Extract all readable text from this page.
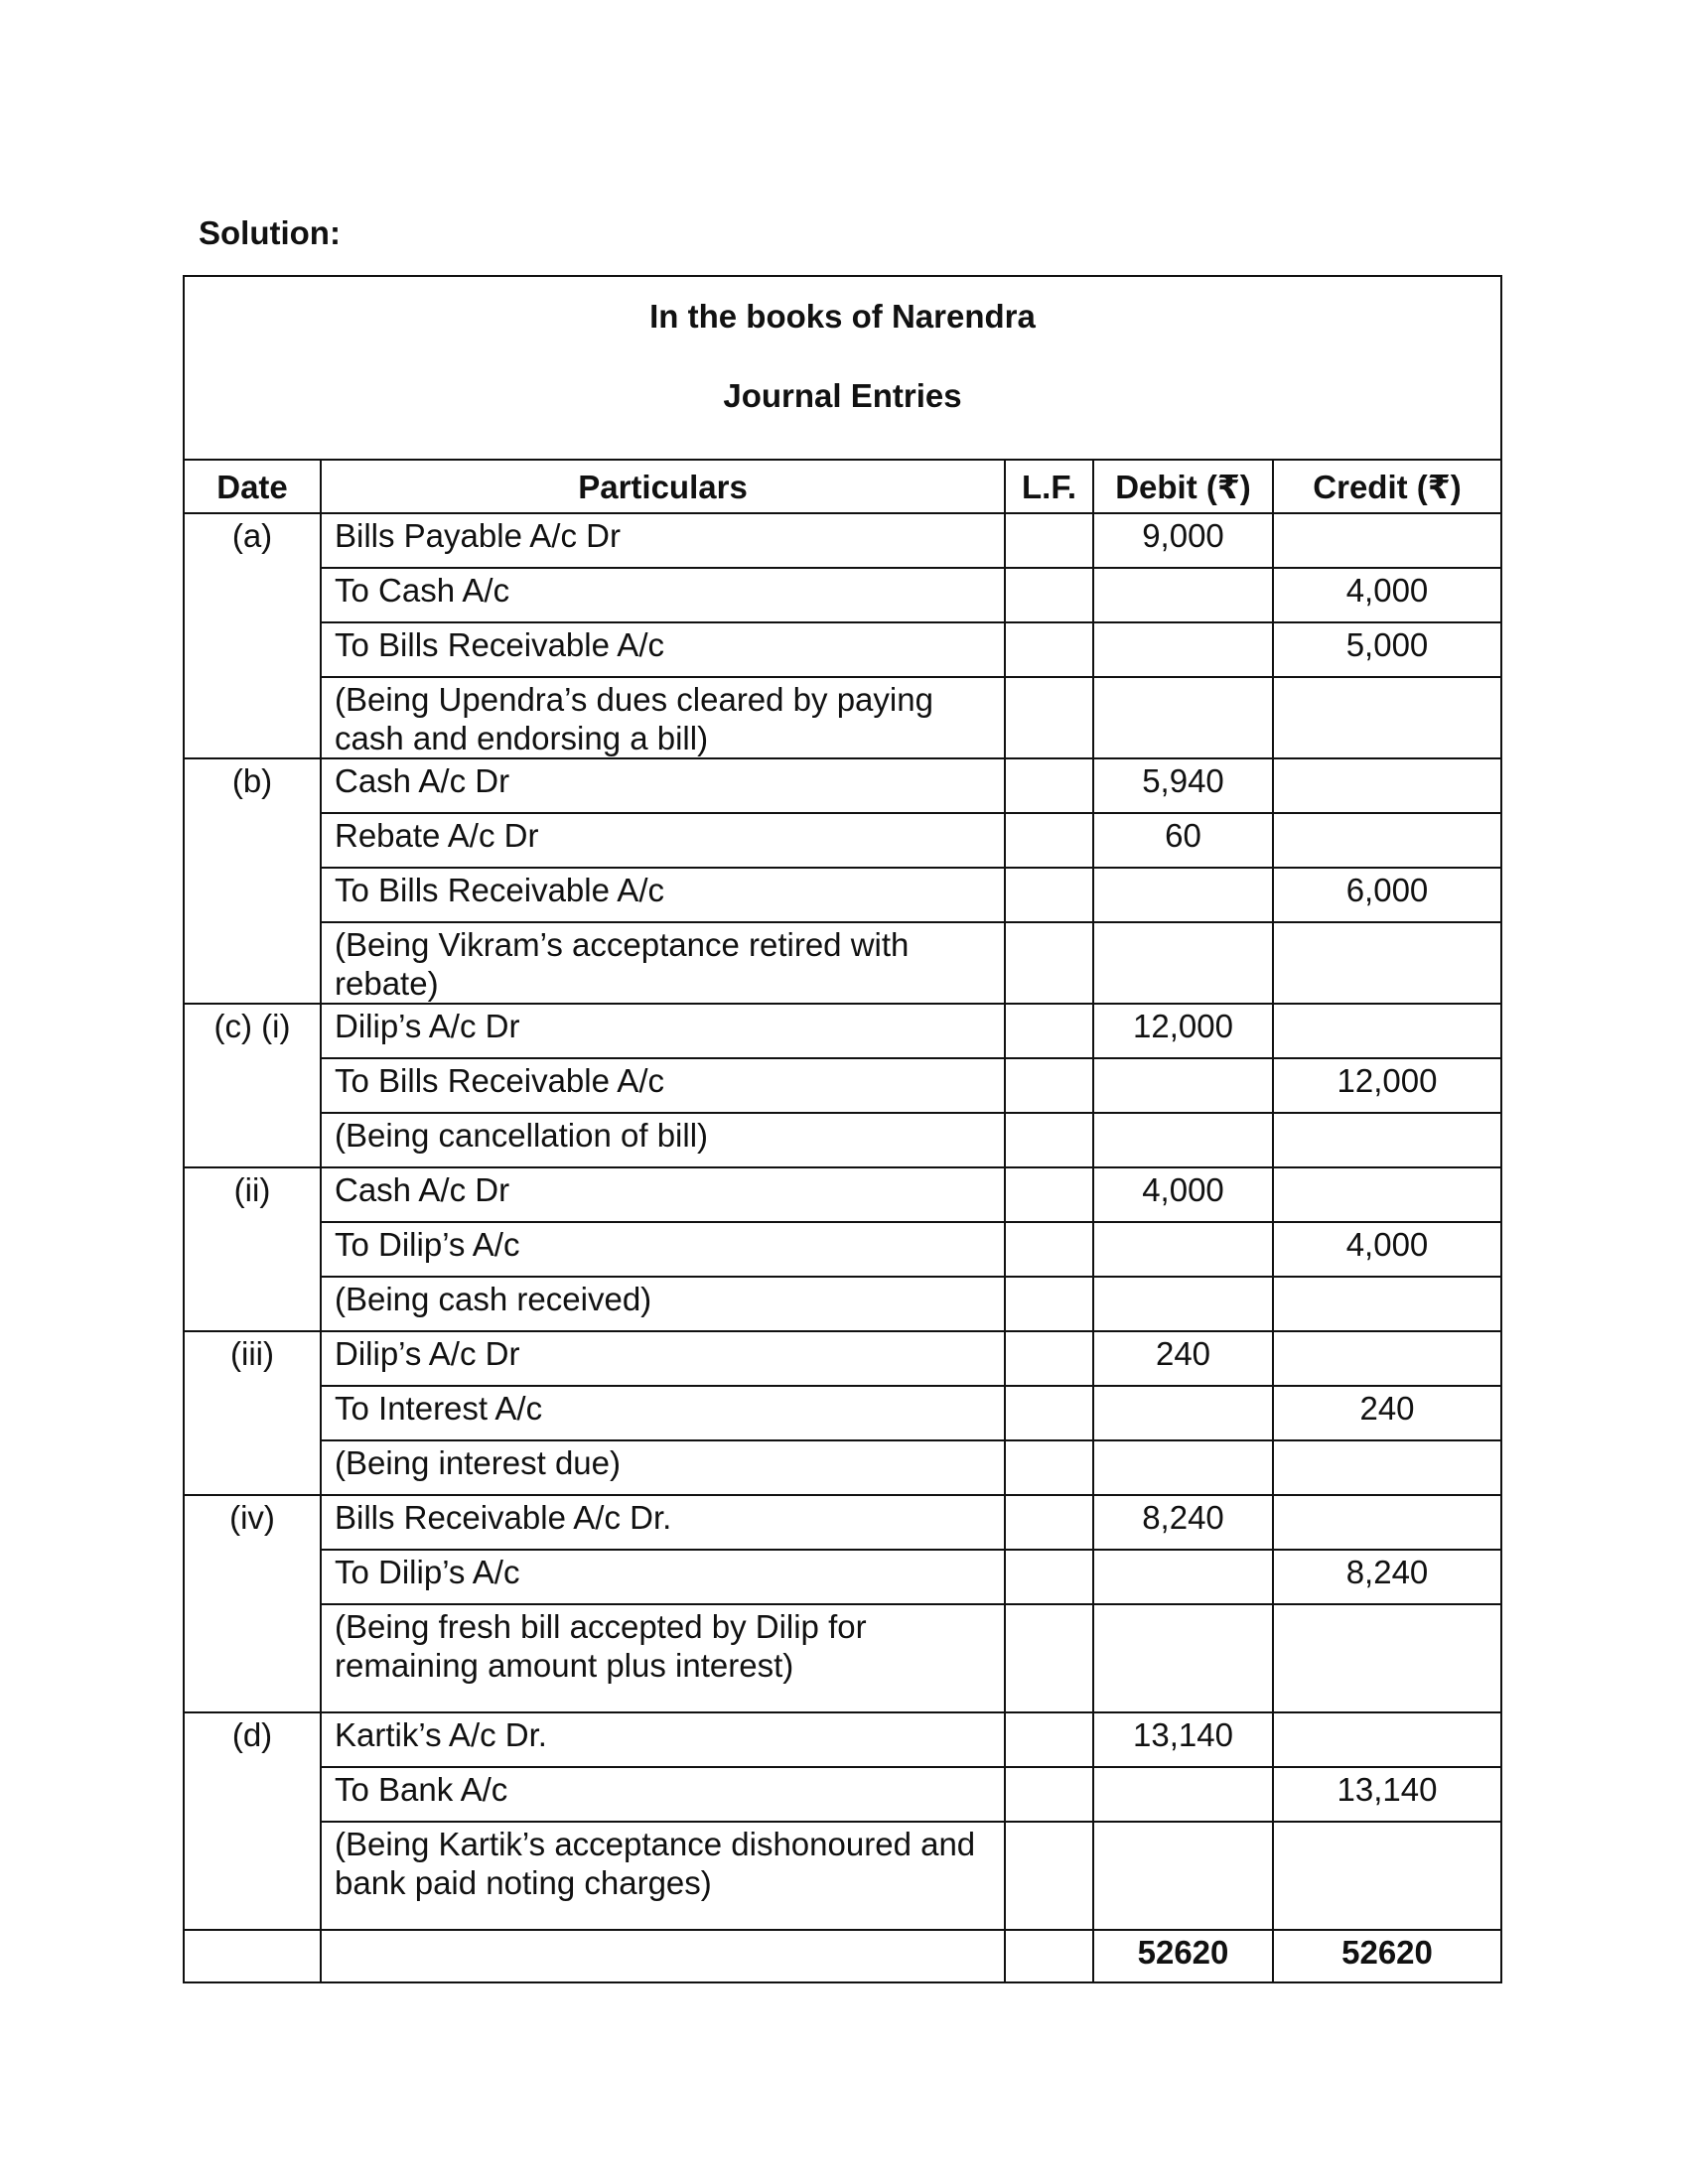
Solution:
In the books of Narendra
Journal Entries				

Date	Particulars	L.F.	Debit (₹)	Credit (₹)
(a)	Bills Payable A/c Dr		9,000	
	To Cash A/c			4,000
	To Bills Receivable A/c			5,000
	(Being Upendra’s dues cleared by paying cash and endorsing a bill)			
(b)	Cash A/c Dr		5,940	
	Rebate A/c Dr		60	
	To Bills Receivable A/c			6,000
	(Being Vikram’s acceptance retired with rebate)			
(c) (i)	Dilip’s A/c Dr		12,000	
	To Bills Receivable A/c			12,000
	(Being cancellation of bill)			
(ii)	Cash A/c Dr		4,000	
	To Dilip’s A/c			4,000
	(Being cash received)			
(iii)	Dilip’s A/c Dr		240	
	To Interest A/c			240
	(Being interest due)			
(iv)	Bills Receivable A/c Dr.		8,240	
	To Dilip’s A/c			8,240
	(Being fresh bill accepted by Dilip for remaining amount plus interest)			
(d)	Kartik’s A/c Dr.		13,140	
	To Bank A/c			13,140
	(Being Kartik’s acceptance dishonoured and bank paid noting charges)			
			52620	52620
